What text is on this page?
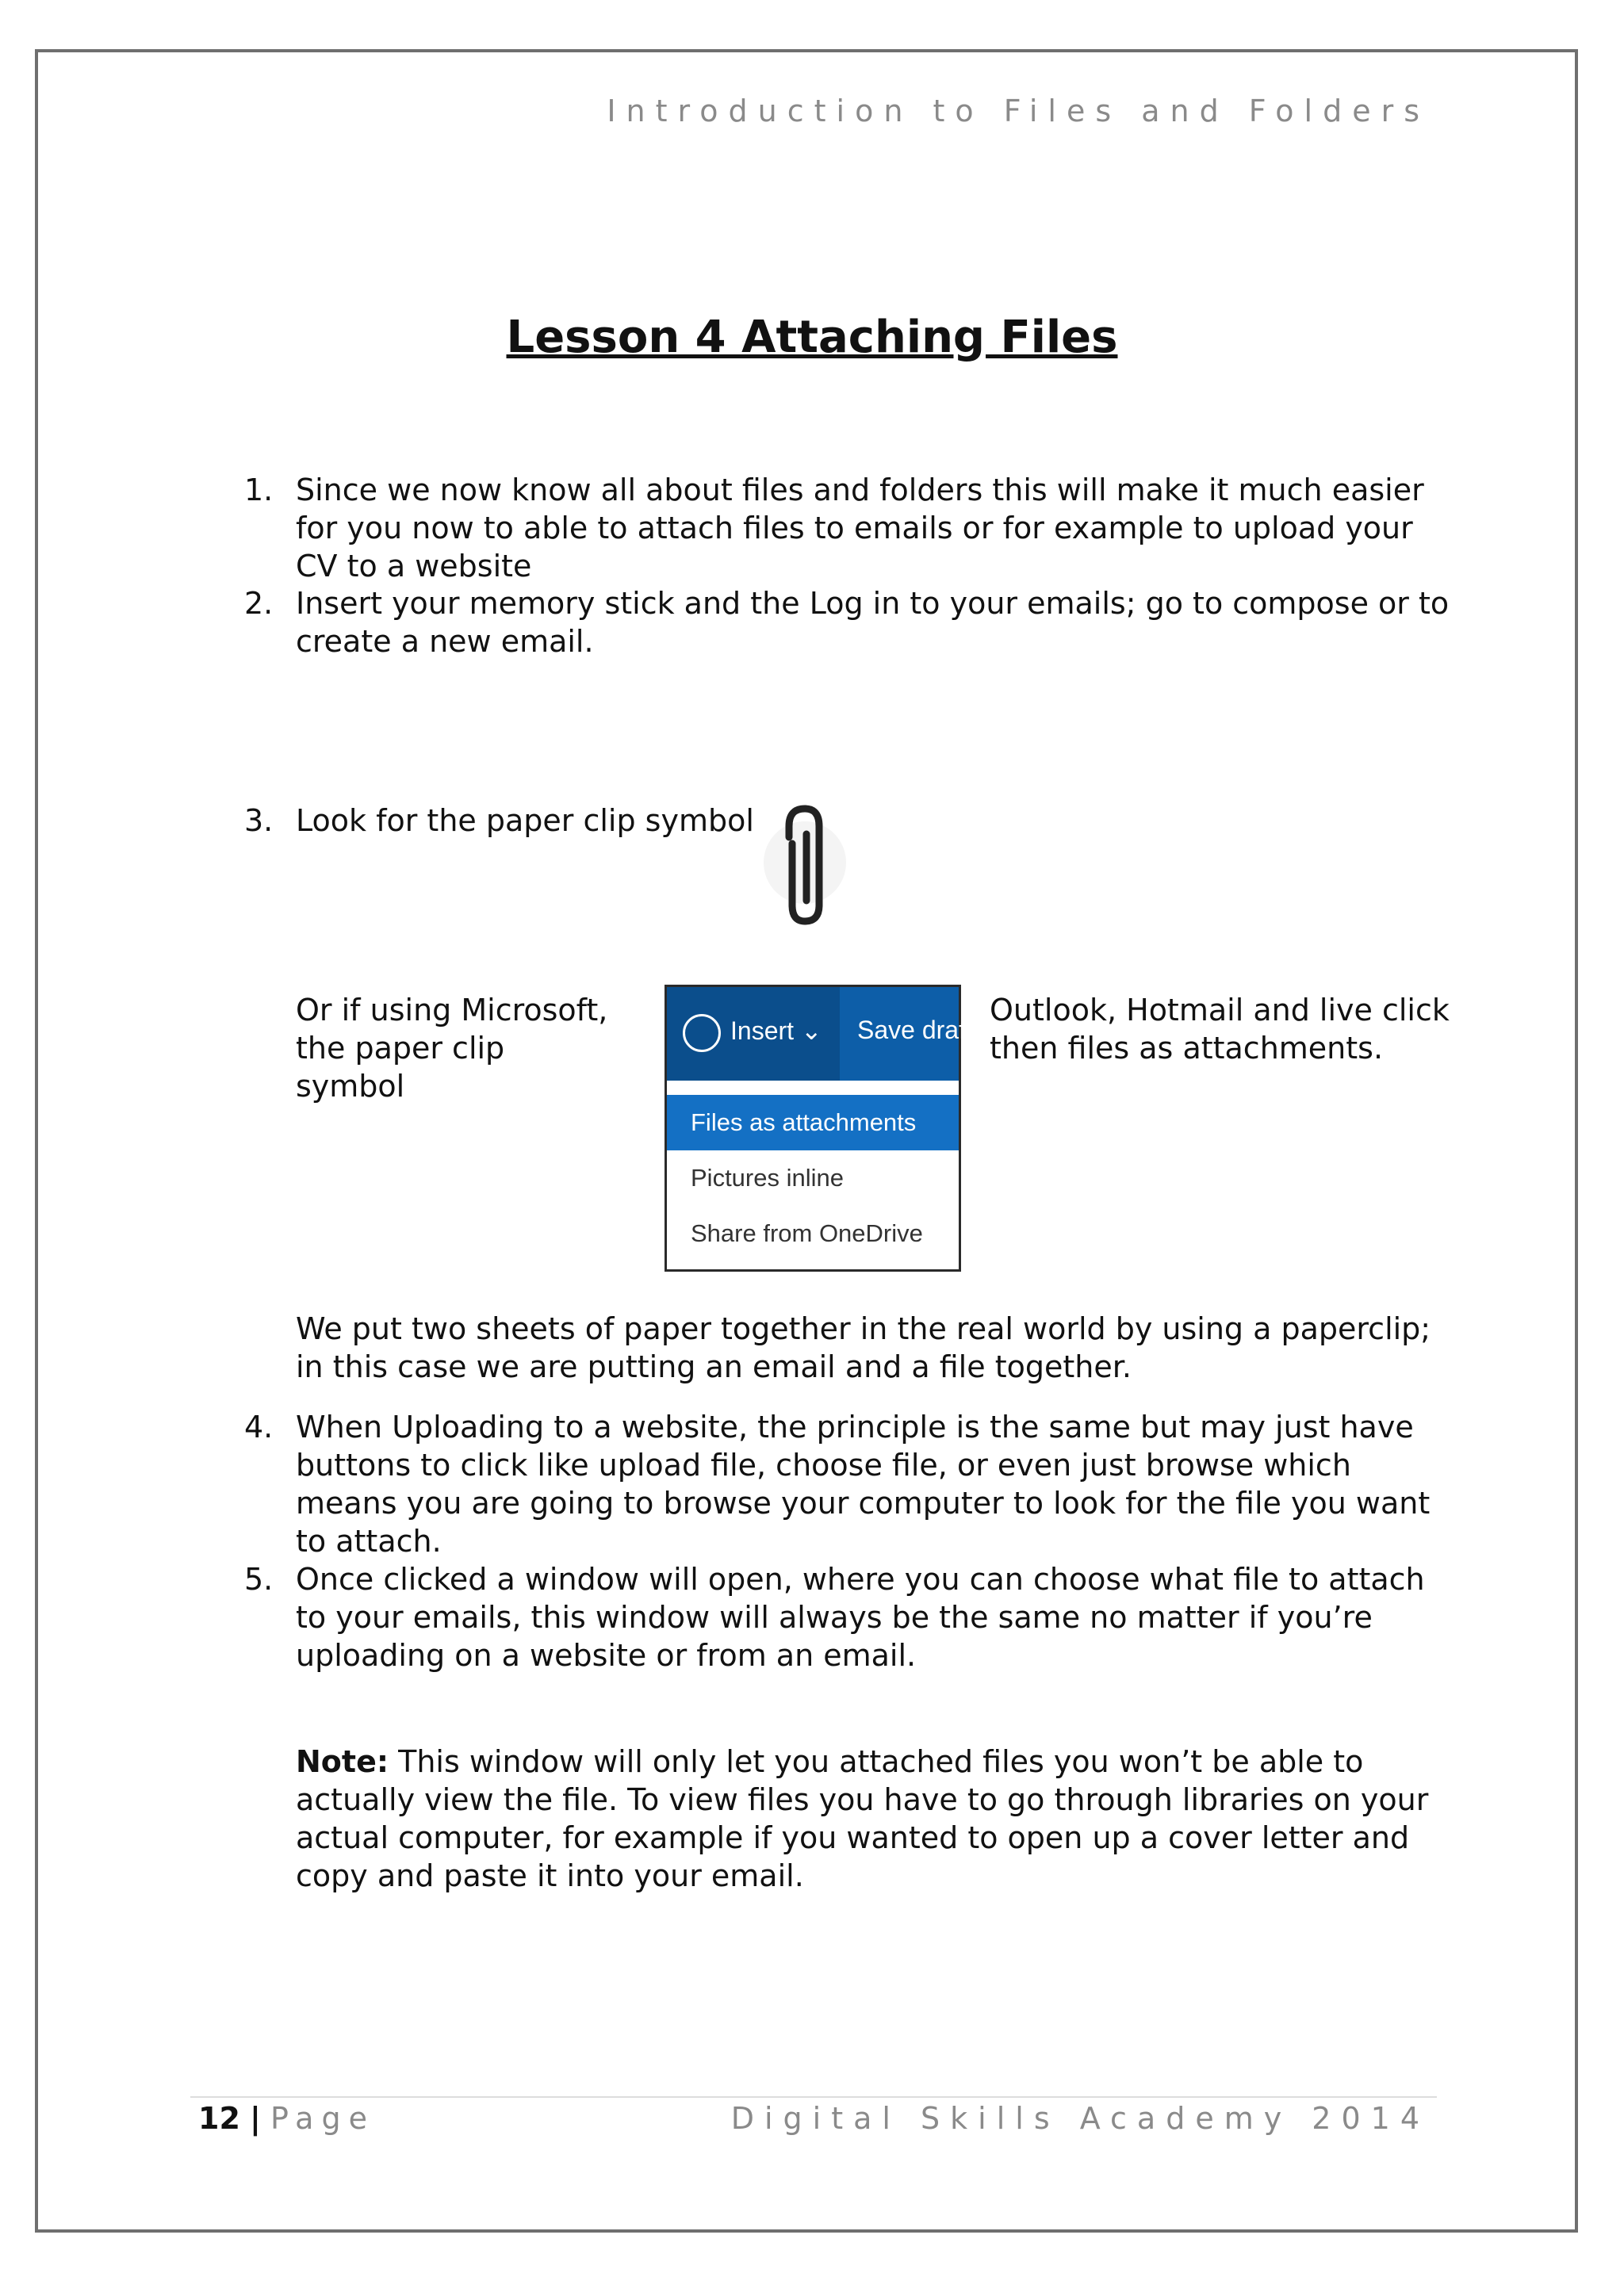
Introduction to Files and Folders
Lesson 4 Attaching Files
1. Since we now know all about files and folders this will make it much easier for you now to able to attach files to emails or for example to upload your CV to a website
2. Insert your memory stick and the Log in to your emails; go to compose or to create a new email.
3. Look for the paper clip symbol
Or if using Microsoft, the paper clip symbol
Insert ⌄ Save draft
Files as attachments
Pictures inline
Share from OneDrive
Outlook, Hotmail and live click then files as attachments.
We put two sheets of paper together in the real world by using a paperclip; in this case we are putting an email and a file together.
4. When Uploading to a website, the principle is the same but may just have buttons to click like upload file, choose file, or even just browse which means you are going to browse your computer to look for the file you want to attach.
5. Once clicked a window will open, where you can choose what file to attach to your emails, this window will always be the same no matter if you’re uploading on a website or from an email.
Note: This window will only let you attached files you won’t be able to actually view the file. To view files you have to go through libraries on your actual computer, for example if you wanted to open up a cover letter and copy and paste it into your email.
12 | Page	Digital Skills Academy 2014
